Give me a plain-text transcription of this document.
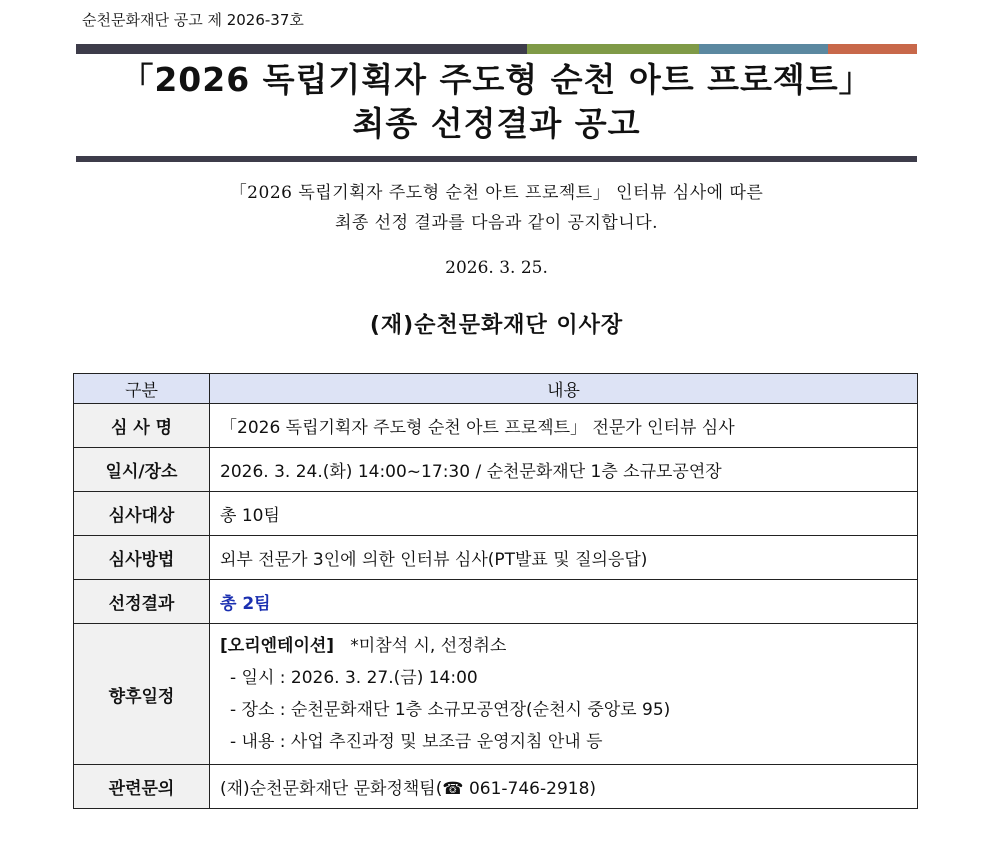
순천문화재단 공고 제 2026-37호
「2026 독립기획자 주도형 순천 아트 프로젝트」
최종 선정결과 공고
「2026 독립기획자 주도형 순천 아트 프로젝트」 인터뷰 심사에 따른
최종 선정 결과를 다음과 같이 공지합니다.
2026. 3. 25.
(재)순천문화재단 이사장
구분	내용
심 사 명	「2026 독립기획자 주도형 순천 아트 프로젝트」 전문가 인터뷰 심사
일시/장소	2026. 3. 24.(화) 14:00~17:30 / 순천문화재단 1층 소규모공연장
심사대상	총 10팀
심사방법	외부 전문가 3인에 의한 인터뷰 심사(PT발표 및 질의응답)
선정결과	총 2팀
향후일정	[오리엔테이션] *미참석 시, 선정취소
- 일시 : 2026. 3. 27.(금) 14:00
- 장소 : 순천문화재단 1층 소규모공연장(순천시 중앙로 95)
- 내용 : 사업 추진과정 및 보조금 운영지침 안내 등

관련문의	(재)순천문화재단 문화정책팀(☎ 061-746-2918)
